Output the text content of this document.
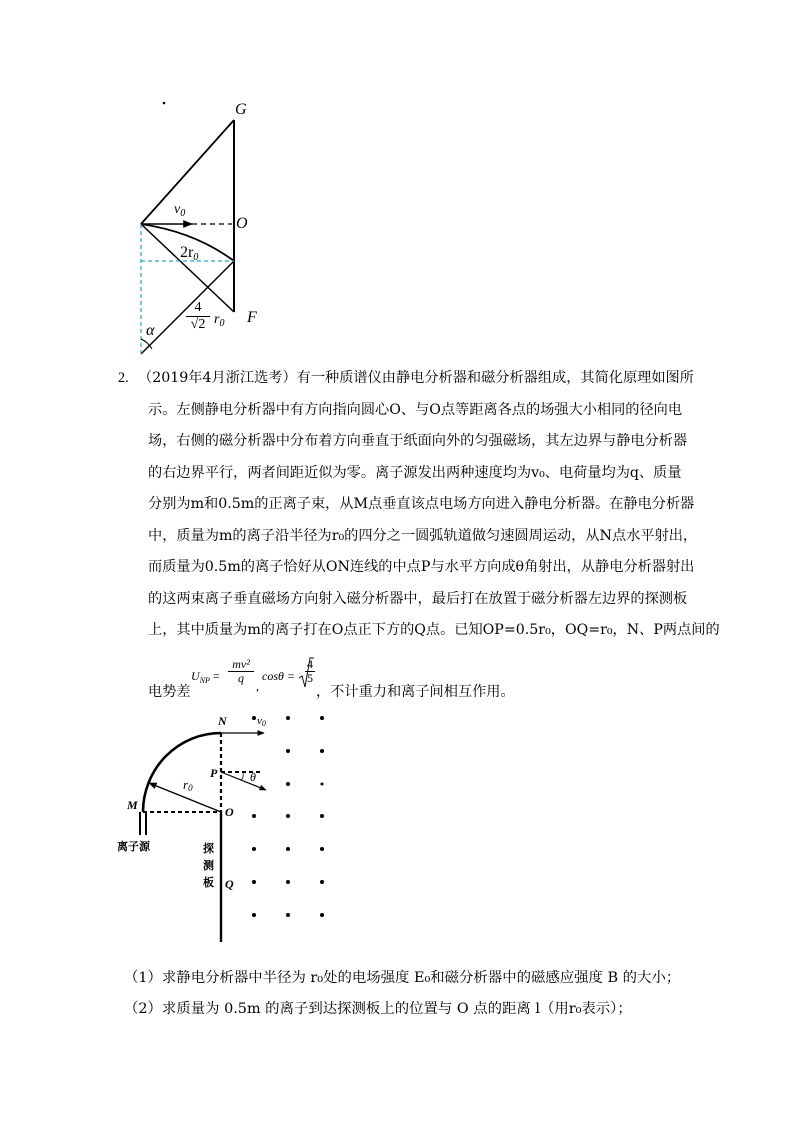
G
O
F
$v_0$
$2r_0$
4
√2 $r_0$
α
2. （2019年4月浙江选考）有一种质谱仪由静电分析器和磁分析器组成，其简化原理如图所
示。左侧静电分析器中有方向指向圆心O、与O点等距离各点的场强大小相同的径向电
场，右侧的磁分析器中分布着方向垂直于纸面向外的匀强磁场，其左边界与静电分析器
的右边界平行，两者间距近似为零。离子源发出两种速度均为v₀、电荷量均为q、质量
分别为m和0.5m的正离子束，从M点垂直该点电场方向进入静电分析器。在静电分析器
中，质量为m的离子沿半径为r₀的四分之一圆弧轨道做匀速圆周运动，从N点水平射出，
而质量为0.5m的离子恰好从ON连线的中点P与水平方向成θ角射出，从静电分析器射出
的这两束离子垂直磁场方向射入磁分析器中，最后打在放置于磁分析器左边界的探测板
上，其中质量为m的离子打在O点正下方的Q点。已知OP=0.5r₀，OQ=r₀，N、P两点间的
电势差
$U_{NP}$ =
mv²
q
,
cosθ =
4
5
，不计重力和离子间相互作用。
N	v0
P	θ
r0
M	O
Q
离子源	探
测
板
（1）求静电分析器中半径为 r₀处的电场强度 E₀和磁分析器中的磁感应强度 B 的大小；
（2）求质量为 0.5m 的离子到达探测板上的位置与 O 点的距离 l（用r₀表示）；
